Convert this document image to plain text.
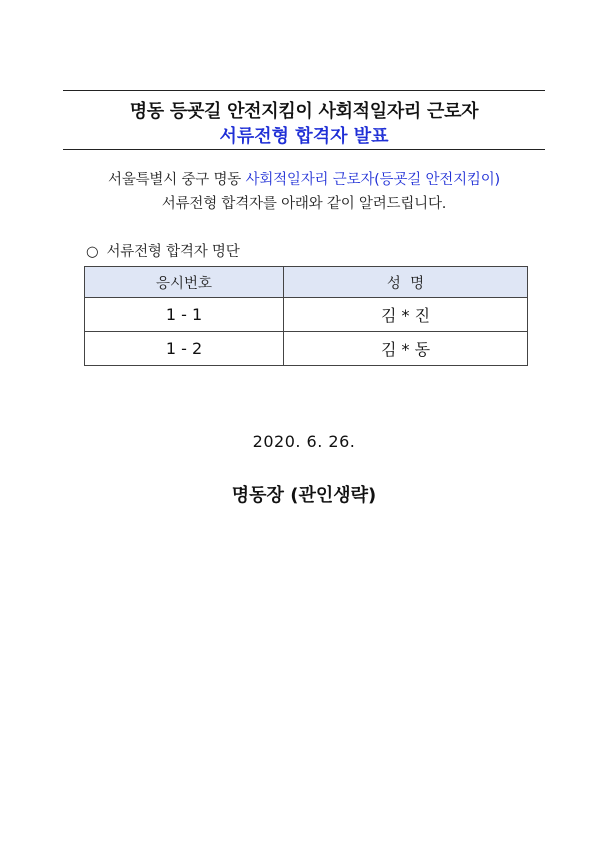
명동 등굣길 안전지킴이 사회적일자리 근로자
서류전형 합격자 발표
서울특별시 중구 명동 사회적일자리 근로자(등굣길 안전지킴이)
서류전형 합격자를 아래와 같이 알려드립니다.
○ 서류전형 합격자 명단
응시번호	성  명
1 - 1	김 * 진
1 - 2	김 * 동
2020. 6. 26.
명동장 (관인생략)
